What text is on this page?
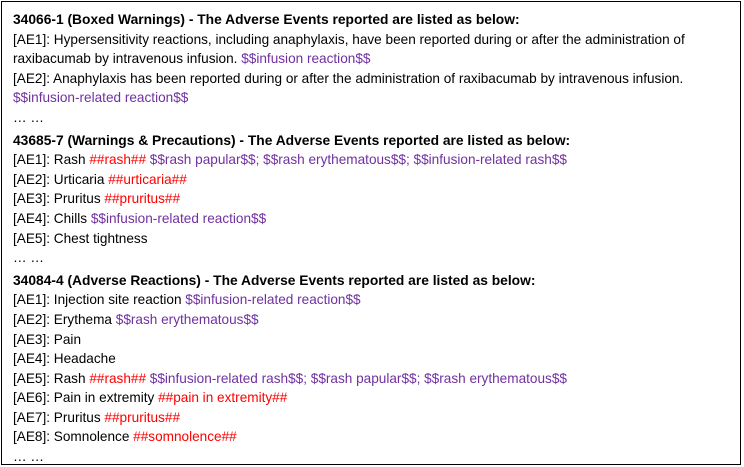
34066-1 (Boxed Warnings) - The Adverse Events reported are listed as below:
[AE1]: Hypersensitivity reactions, including anaphylaxis, have been reported during or after the administration of raxibacumab by intravenous infusion. $$infusion reaction$$
[AE2]: Anaphylaxis has been reported during or after the administration of raxibacumab by intravenous infusion. $$infusion-related reaction$$
… …
43685-7 (Warnings & Precautions) - The Adverse Events reported are listed as below:
[AE1]: Rash ##rash## $$rash papular$$; $$rash erythematous$$; $$infusion-related rash$$
[AE2]: Urticaria ##urticaria##
[AE3]: Pruritus ##pruritus##
[AE4]: Chills $$infusion-related reaction$$
[AE5]: Chest tightness
… …
34084-4 (Adverse Reactions) - The Adverse Events reported are listed as below:
[AE1]: Injection site reaction $$infusion-related reaction$$
[AE2]: Erythema $$rash erythematous$$
[AE3]: Pain
[AE4]: Headache
[AE5]: Rash ##rash## $$infusion-related rash$$; $$rash papular$$; $$rash erythematous$$
[AE6]: Pain in extremity ##pain in extremity##
[AE7]: Pruritus ##pruritus##
[AE8]: Somnolence ##somnolence##
… …
